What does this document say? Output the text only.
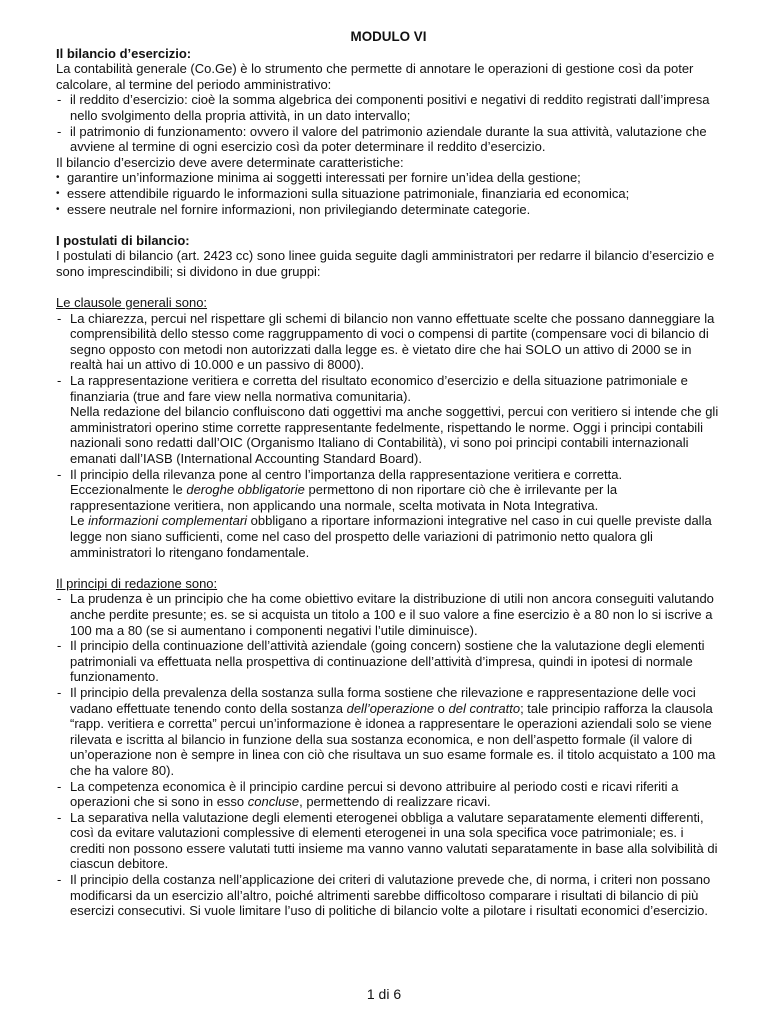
MODULO VI

Il bilancio d’esercizio:

La contabilità generale (Co.Ge) è lo strumento che permette di annotare le operazioni di gestione così da poter calcolare, al termine del periodo amministrativo:

- il reddito d’esercizio: cioè la somma algebrica dei componenti positivi e negativi di reddito registrati dall’impresa nello svolgimento della propria attività, in un dato intervallo;
- il patrimonio di funzionamento: ovvero il valore del patrimonio aziendale durante la sua attività, valutazione che avviene al termine di ogni esercizio così da poter determinare il reddito d’esercizio.

Il bilancio d’esercizio deve avere determinate caratteristiche:

• garantire un’informazione minima ai soggetti interessati per fornire un’idea della gestione;
• essere attendibile riguardo le informazioni sulla situazione patrimoniale, finanziaria ed economica;
• essere neutrale nel fornire informazioni, non privilegiando determinate categorie.

I postulati di bilancio:

I postulati di bilancio (art. 2423 cc) sono linee guida seguite dagli amministratori per redarre il bilancio d’esercizio e sono imprescindibili; si dividono in due gruppi:

Le clausole generali sono:

- La chiarezza, percui nel rispettare gli schemi di bilancio non vanno effettuate scelte che possano danneggiare la comprensibilità dello stesso come raggruppamento di voci o compensi di partite (compensare voci di bilancio di segno opposto con metodi non autorizzati dalla legge es. è vietato dire che hai SOLO un attivo di 2000 se in realtà hai un attivo di 10.000 e un passivo di 8000).
- La rappresentazione veritiera e corretta del risultato economico d’esercizio e della situazione patrimoniale e finanziaria (true and fare view nella normativa comunitaria).
Nella redazione del bilancio confluiscono dati oggettivi ma anche soggettivi, percui con veritiero si intende che gli amministratori operino stime corrette rappresentante fedelmente, rispettando le norme. Oggi i principi contabili nazionali sono redatti dall’OIC (Organismo Italiano di Contabilità), vi sono poi principi contabili internazionali emanati dall’IASB (International Accounting Standard Board).
- Il principio della rilevanza pone al centro l’importanza della rappresentazione veritiera e corretta.
Eccezionalmente le deroghe obbligatorie permettono di non riportare ciò che è irrilevante per la rappresentazione veritiera, non applicando una normale, scelta motivata in Nota Integrativa.
Le informazioni complementari obbligano a riportare informazioni integrative nel caso in cui quelle previste dalla legge non siano sufficienti, come nel caso del prospetto delle variazioni di patrimonio netto qualora gli amministratori lo ritengano fondamentale.

Il principi di redazione sono:

- La prudenza è un principio che ha come obiettivo evitare la distribuzione di utili non ancora conseguiti valutando anche perdite presunte; es. se si acquista un titolo a 100 e il suo valore a fine esercizio è a 80 non lo si iscrive a 100 ma a 80 (se si aumentano i componenti negativi l’utile diminuisce).
- Il principio della continuazione dell’attività aziendale (going concern) sostiene che la valutazione degli elementi patrimoniali va effettuata nella prospettiva di continuazione dell’attività d’impresa, quindi in ipotesi di normale funzionamento.
- Il principio della prevalenza della sostanza sulla forma sostiene che rilevazione e rappresentazione delle voci vadano effettuate tenendo conto della sostanza dell’operazione o del contratto; tale principio rafforza la clausola “rapp. veritiera e corretta” percui un’informazione è idonea a rappresentare le operazioni aziendali solo se viene rilevata e iscritta al bilancio in funzione della sua sostanza economica, e non dell’aspetto formale (il valore di un’operazione non è sempre in linea con ciò che risultava un suo esame formale es. il titolo acquistato a 100 ma che ha valore 80).
- La competenza economica è il principio cardine percui si devono attribuire al periodo costi e ricavi riferiti a operazioni che si sono in esso concluse, permettendo di realizzare ricavi.
- La separativa nella valutazione degli elementi eterogenei obbliga a valutare separatamente elementi differenti, così da evitare valutazioni complessive di elementi eterogenei in una sola specifica voce patrimoniale; es. i crediti non possono essere valutati tutti insieme ma vanno vanno valutati separatamente in base alla solvibilità di ciascun debitore.
- Il principio della costanza nell’applicazione dei criteri di valutazione prevede che, di norma, i criteri non possano modificarsi da un esercizio all’altro, poiché altrimenti sarebbe difficoltoso comparare i risultati di bilancio di più esercizi consecutivi. Si vuole limitare l’uso di politiche di bilancio volte a pilotare i risultati economici d’esercizio.
1 di 6
